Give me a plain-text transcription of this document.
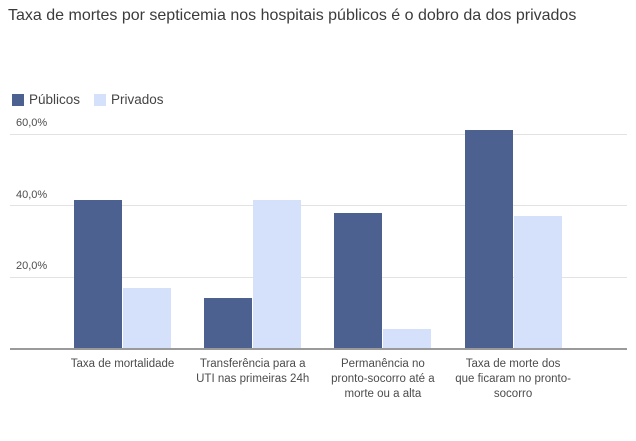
Taxa de mortes por septicemia nos hospitais públicos é o dobro da dos privados
Públicos Privados
20,0%
40,0%
60,0%
Taxa de mortalidade	Transferência para a UTI nas primeiras 24h
Permanência no pronto-socorro até a morte ou a alta
Taxa de morte dos que ficaram no pronto-socorro
